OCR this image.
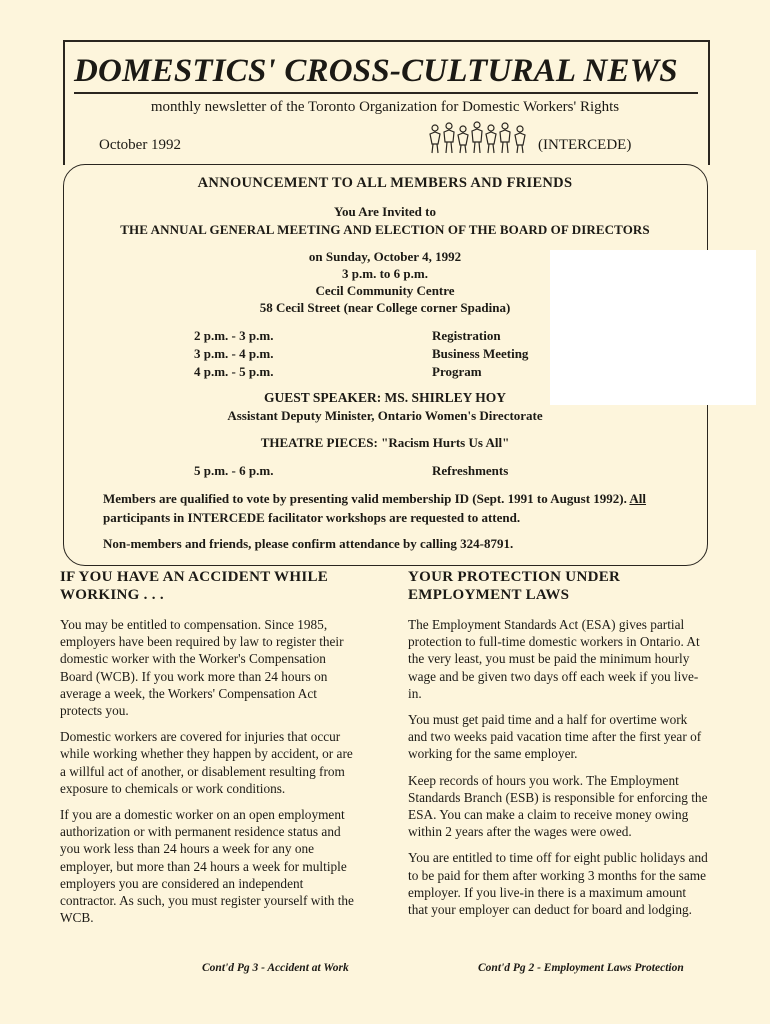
DOMESTICS' CROSS-CULTURAL NEWS
monthly newsletter of the Toronto Organization for Domestic Workers' Rights
October 1992	(INTERCEDE)
ANNOUNCEMENT TO ALL MEMBERS AND FRIENDS
You Are Invited to
THE ANNUAL GENERAL MEETING AND ELECTION OF THE BOARD OF DIRECTORS
on Sunday, October 4, 1992
3 p.m. to 6 p.m.
Cecil Community Centre
58 Cecil Street (near College corner Spadina)
2 p.m. - 3 p.m.	Registration
3 p.m. - 4 p.m.	Business Meeting
4 p.m. - 5 p.m.	Program
GUEST SPEAKER: MS. SHIRLEY HOY
Assistant Deputy Minister, Ontario Women's Directorate
THEATRE PIECES: "Racism Hurts Us All"
5 p.m. - 6 p.m.	Refreshments
Members are qualified to vote by presenting valid membership ID (Sept. 1991 to August 1992). All participants in INTERCEDE facilitator workshops are requested to attend.
Non-members and friends, please confirm attendance by calling 324-8791.
IF YOU HAVE AN ACCIDENT WHILE WORKING . . .

You may be entitled to compensation. Since 1985, employers have been required by law to register their domestic worker with the Worker's Compensation Board (WCB). If you work more than 24 hours on average a week, the Workers' Compensation Act protects you.

Domestic workers are covered for injuries that occur while working whether they happen by accident, or are a willful act of another, or disablement resulting from exposure to chemicals or work conditions.

If you are a domestic worker on an open employment authorization or with permanent residence status and you work less than 24 hours a week for any one employer, but more than 24 hours a week for multiple employers you are considered an independent contractor. As such, you must register yourself with the WCB.

Cont'd Pg 3 - Accident at Work
YOUR PROTECTION UNDER EMPLOYMENT LAWS

The Employment Standards Act (ESA) gives partial protection to full-time domestic workers in Ontario. At the very least, you must be paid the minimum hourly wage and be given two days off each week if you live-in.

You must get paid time and a half for overtime work and two weeks paid vacation time after the first year of working for the same employer.

Keep records of hours you work. The Employment Standards Branch (ESB) is responsible for enforcing the ESA. You can make a claim to receive money owing within 2 years after the wages were owed.

You are entitled to time off for eight public holidays and to be paid for them after working 3 months for the same employer. If you live-in there is a maximum amount that your employer can deduct for board and lodging.

Cont'd Pg 2 - Employment Laws Protection
